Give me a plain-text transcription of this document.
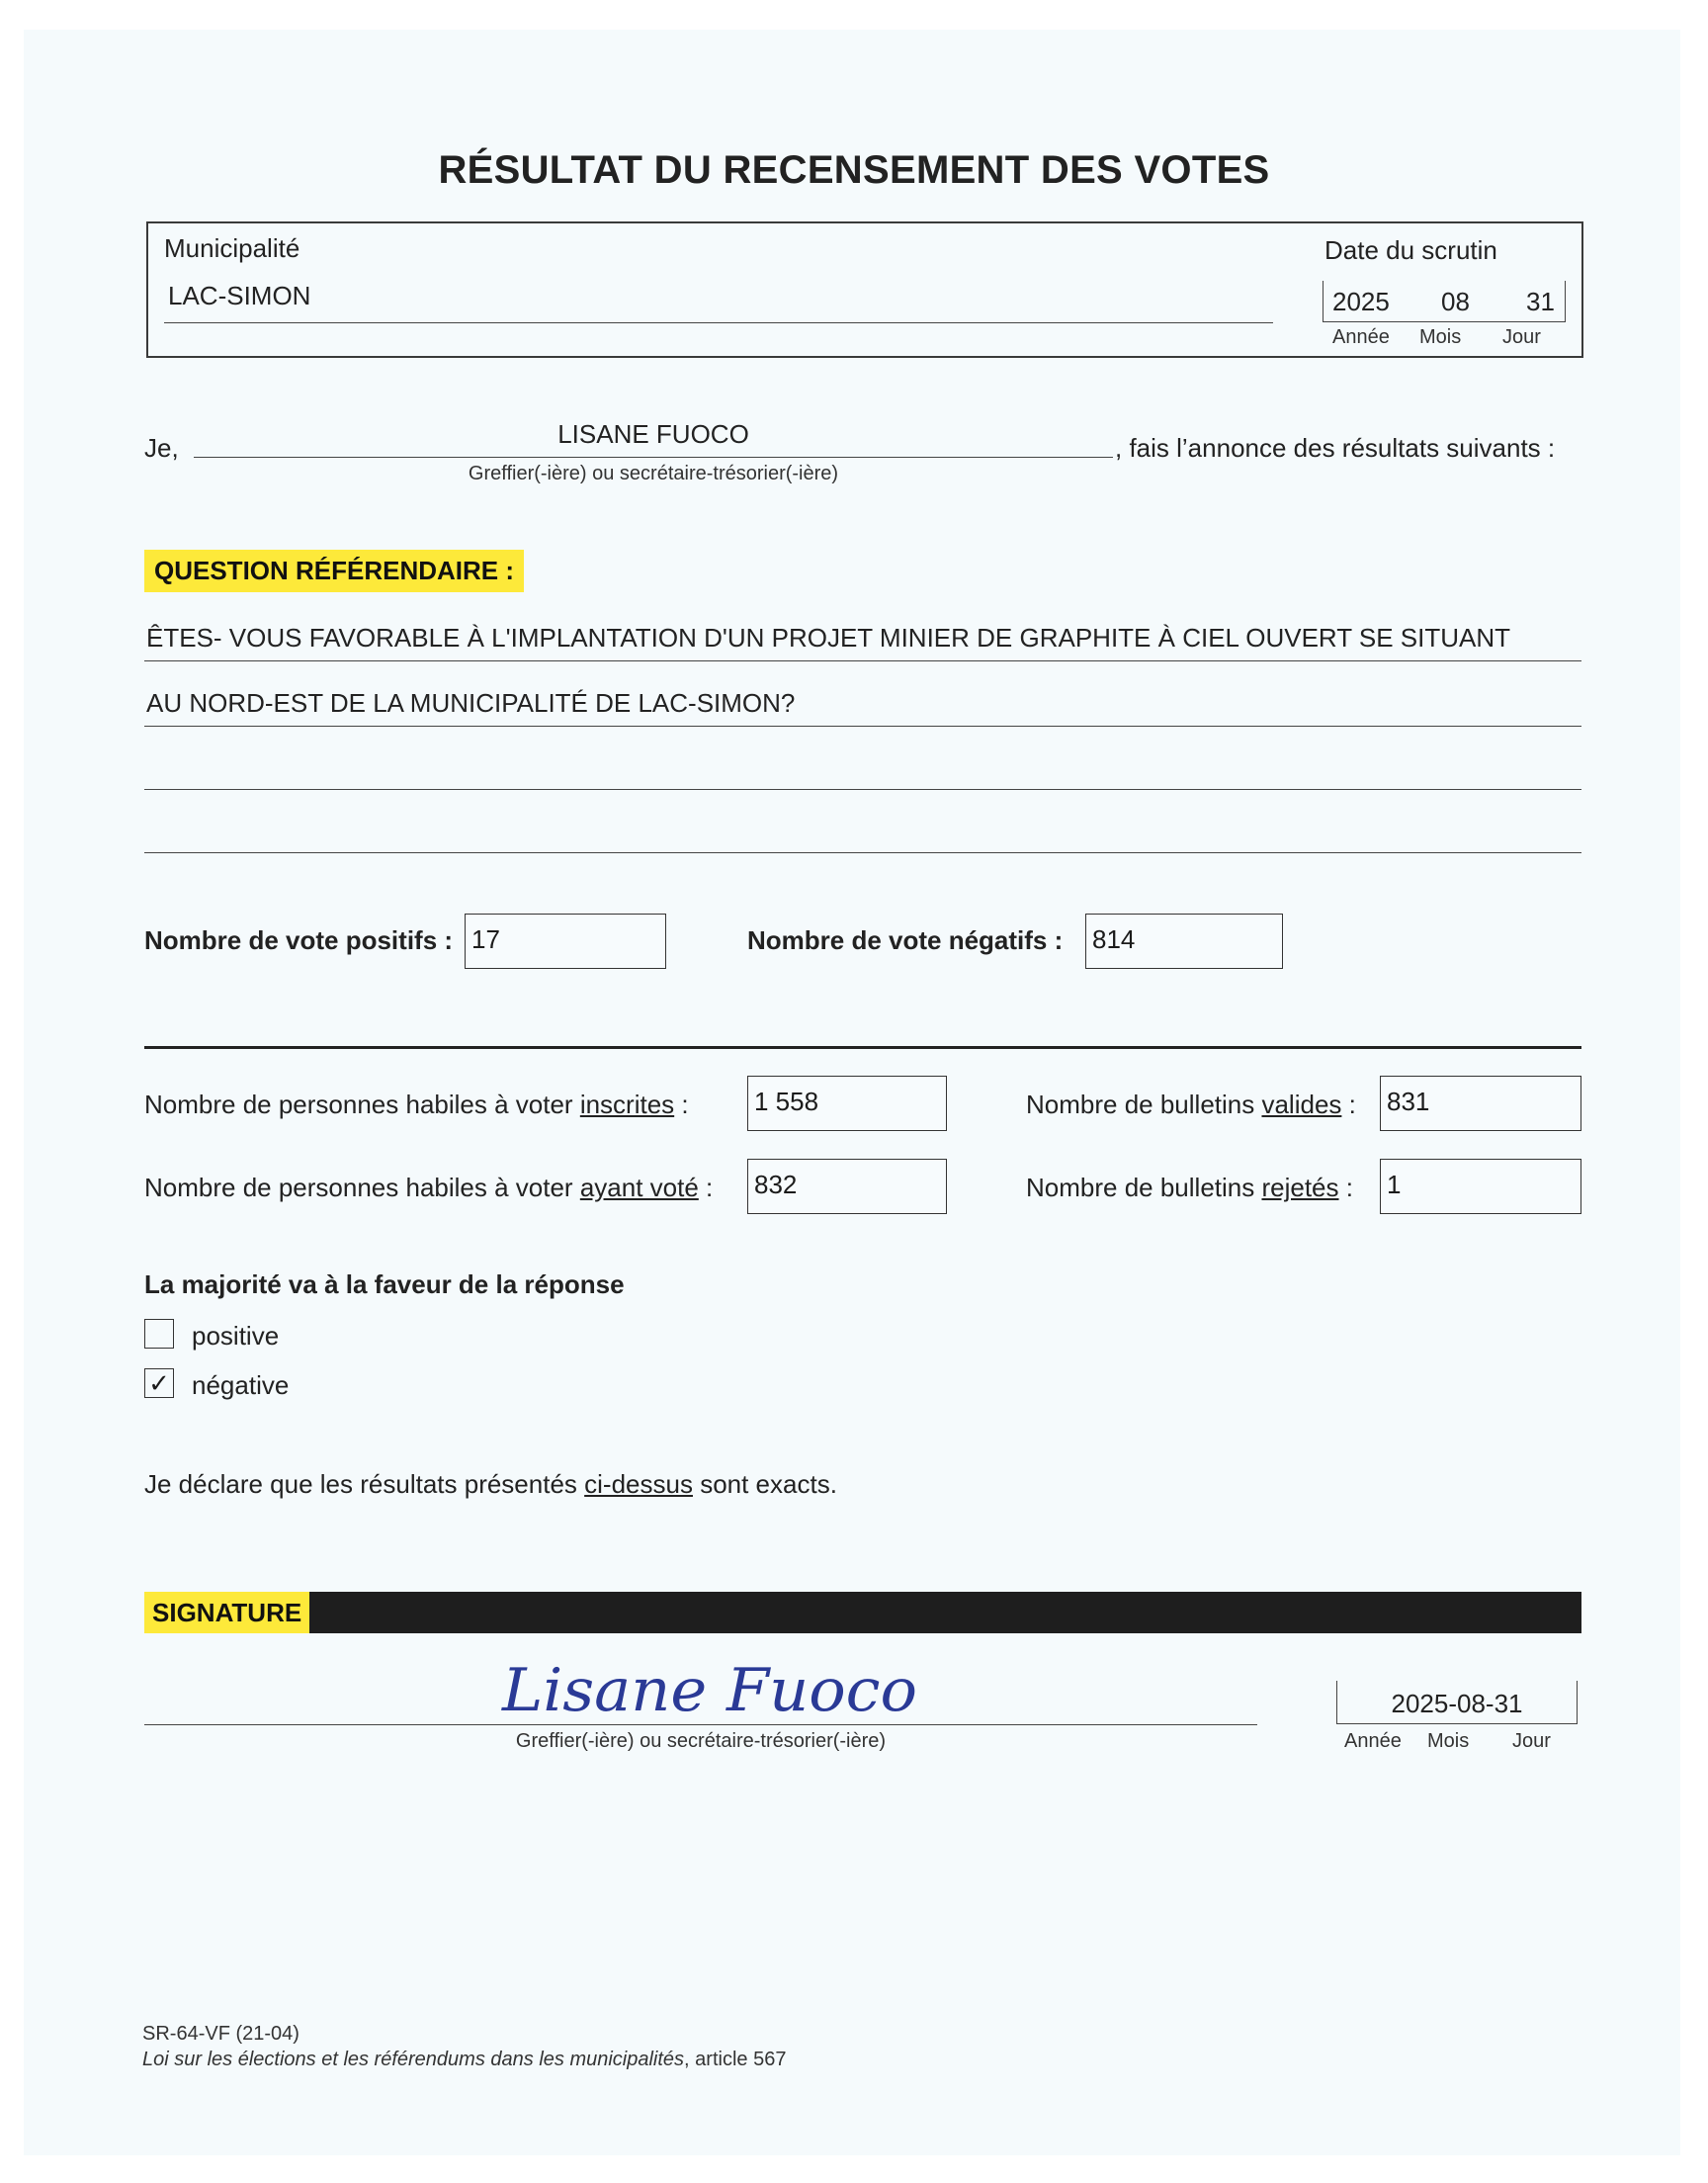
RÉSULTAT DU RECENSEMENT DES VOTES
Municipalité
LAC-SIMON
Date du scrutin
2025 08 31
Année Mois Jour
Je,	LISANE FUOCO
Greffier(-ière) ou secrétaire-trésorier(-ière)
, fais l’annonce des résultats suivants :
QUESTION RÉFÉRENDAIRE :
ÊTES- VOUS FAVORABLE À L'IMPLANTATION D'UN PROJET MINIER DE GRAPHITE À CIEL OUVERT SE SITUANT
AU NORD-EST DE LA MUNICIPALITÉ DE LAC-SIMON?
Nombre de vote positifs : 17	Nombre de vote négatifs : 814
Nombre de personnes habiles à voter inscrites :	1 558
Nombre de personnes habiles à voter ayant voté : 832
Nombre de bulletins valides : 831
Nombre de bulletins rejetés : 1
La majorité va à la faveur de la réponse
positive
✓ négative
Je déclare que les résultats présentés ci-dessus sont exacts.
SIGNATURE
Lisane Fuoco
Greffier(-ière) ou secrétaire-trésorier(-ière)
2025-08-31
Année Mois Jour
SR-64-VF (21-04)
Loi sur les élections et les référendums dans les municipalités, article 567
